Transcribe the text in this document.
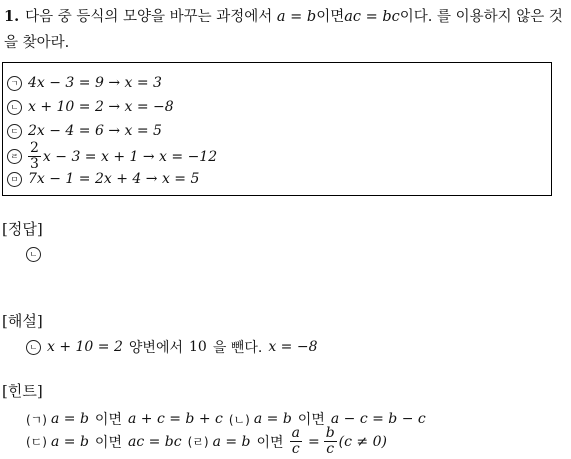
1. 다음 중 등식의 모양을 바꾸는 과정에서 a = b이면ac = bc이다. 를 이용하지 않은 것을 찾아라.
ㄱ 4x − 3 = 9 → x = 3
ㄴ x + 10 = 2 → x = −8
ㄷ 2x − 4 = 6 → x = 5
ㄹ $\frac{2}{3}$ x − 3 = x + 1 → x = −12
ㅁ 7x − 1 = 2x + 4 → x = 5
[정답]
ㄴ
[해설]
ㄴ x + 10 = 2 양변에서 10 을 뺀다. x = −8
[힌트]
(ㄱ) a = b 이면 a + c = b + c (ㄴ) a = b 이면 a − c = b − c
(ㄷ) a = b 이면 ac = bc (ㄹ) a = b 이면 $\frac{a}{c} = \frac{b}{c} (c \ne 0)$
